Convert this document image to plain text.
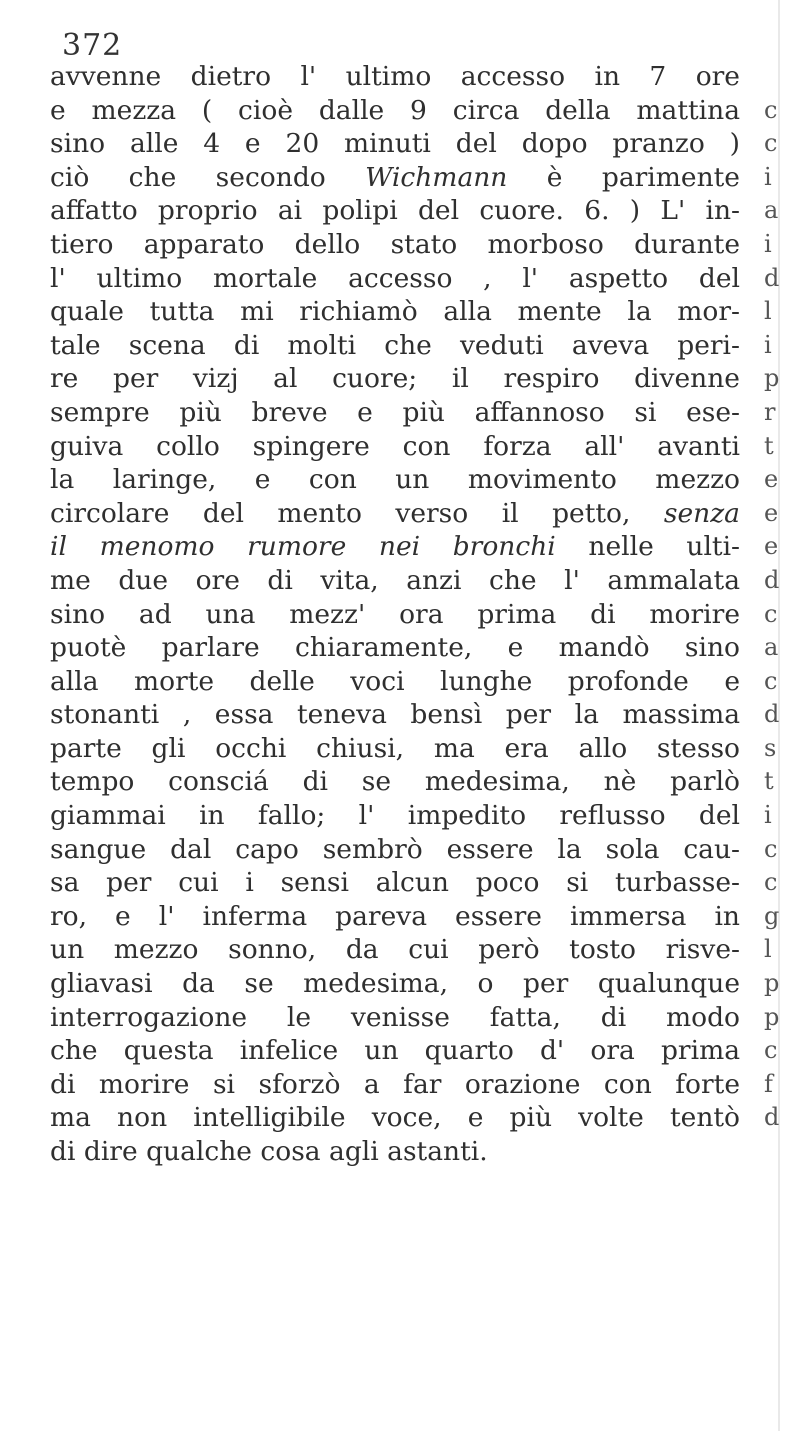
372
avvenne dietro l' ultimo accesso in 7 ore
e mezza ( cioè dalle 9 circa della mattina
sino alle 4 e 20 minuti del dopo pranzo )
ciò che secondo Wichmann è parimente
affatto proprio ai polipi del cuore. 6. ) L' in-
tiero apparato dello stato morboso durante
l' ultimo mortale accesso , l' aspetto del
quale tutta mi richiamò alla mente la mor-
tale scena di molti che veduti aveva peri-
re per vizj al cuore; il respiro divenne
sempre più breve e più affannoso si ese-
guiva collo spingere con forza all' avanti
la laringe, e con un movimento mezzo
circolare del mento verso il petto, senza
il menomo rumore nei bronchi nelle ulti-
me due ore di vita, anzi che l' ammalata
sino ad una mezz' ora prima di morire
puotè parlare chiaramente, e mandò sino
alla morte delle voci lunghe profonde e
stonanti , essa teneva bensì per la massima
parte gli occhi chiusi, ma era allo stesso
tempo consciá di se medesima, nè parlò
giammai in fallo; l' impedito reflusso del
sangue dal capo sembrò essere la sola cau-
sa per cui i sensi alcun poco si turbasse-
ro, e l' inferma pareva essere immersa in
un mezzo sonno, da cui però tosto risve-
gliavasi da se medesima, o per qualunque
interrogazione le venisse fatta, di modo
che questa infelice un quarto d' ora prima
di morire si sforzò a far orazione con forte
ma non intelligibile voce, e più volte tentò
di dire qualche cosa agli astanti.
c
c
i
a
i
d
l
i
p
r
t
e
e
e
d
c
a
c
d
s
t
i
c
c
g
l
p
p
c
f
d
